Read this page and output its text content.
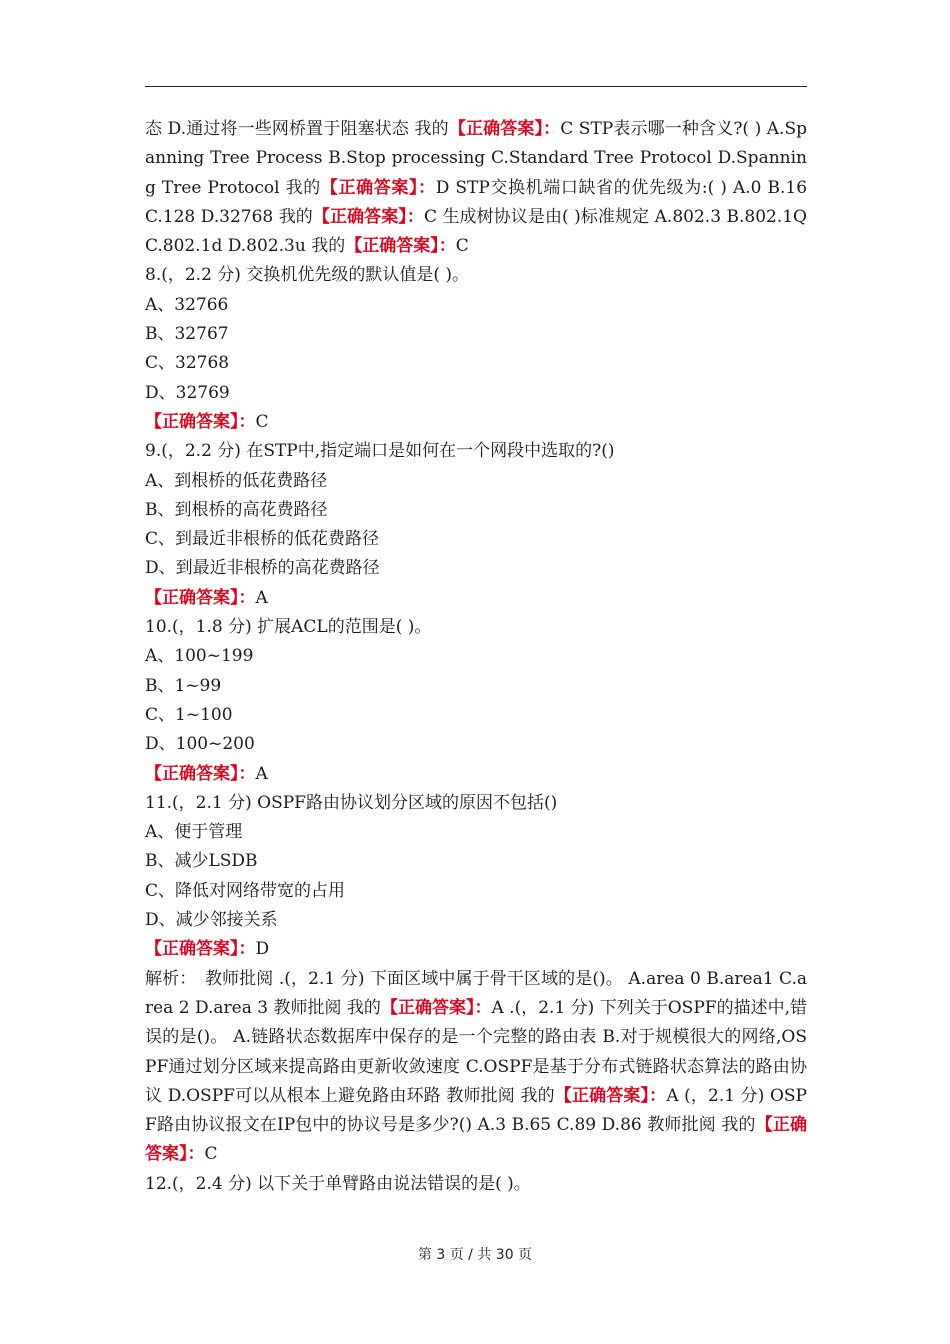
态 D.通过将一些网桥置于阻塞状态 我的【正确答案】：C STP表示哪一种含义?( ) A.Spanning Tree Process B.Stop processing C.Standard Tree Protocol D.Spanning Tree Protocol 我的【正确答案】：D STP交换机端口缺省的优先级为:( ) A.0 B.16 C.128 D.32768 我的【正确答案】：C 生成树协议是由( )标准规定 A.802.3 B.802.1Q C.802.1d D.802.3u 我的【正确答案】：C
8.(，2.2 分) 交换机优先级的默认值是( )。
A、32766
B、32767
C、32768
D、32769
【正确答案】：C
9.(，2.2 分) 在STP中,指定端口是如何在一个网段中选取的?()
A、到根桥的低花费路径
B、到根桥的高花费路径
C、到最近非根桥的低花费路径
D、到最近非根桥的高花费路径
【正确答案】：A
10.(，1.8 分) 扩展ACL的范围是( )。
A、100~199
B、1~99
C、1~100
D、100~200
【正确答案】：A
11.(，2.1 分) OSPF路由协议划分区域的原因不包括()
A、便于管理
B、减少LSDB
C、降低对网络带宽的占用
D、减少邻接关系
【正确答案】：D
解析：　教师批阅 .(，2.1 分) 下面区域中属于骨干区域的是()。 A.area 0 B.area1 C.area 2 D.area 3 教师批阅 我的【正确答案】：A .(，2.1 分) 下列关于OSPF的描述中,错误的是()。 A.链路状态数据库中保存的是一个完整的路由表 B.对于规模很大的网络,OSPF通过划分区域来提高路由更新收敛速度 C.OSPF是基于分布式链路状态算法的路由协议 D.OSPF可以从根本上避免路由环路 教师批阅 我的【正确答案】：A (，2.1 分) OSPF路由协议报文在IP包中的协议号是多少?() A.3 B.65 C.89 D.86 教师批阅 我的【正确答案】：C
12.(，2.4 分) 以下关于单臂路由说法错误的是( )。
第 3 页 / 共 30 页
